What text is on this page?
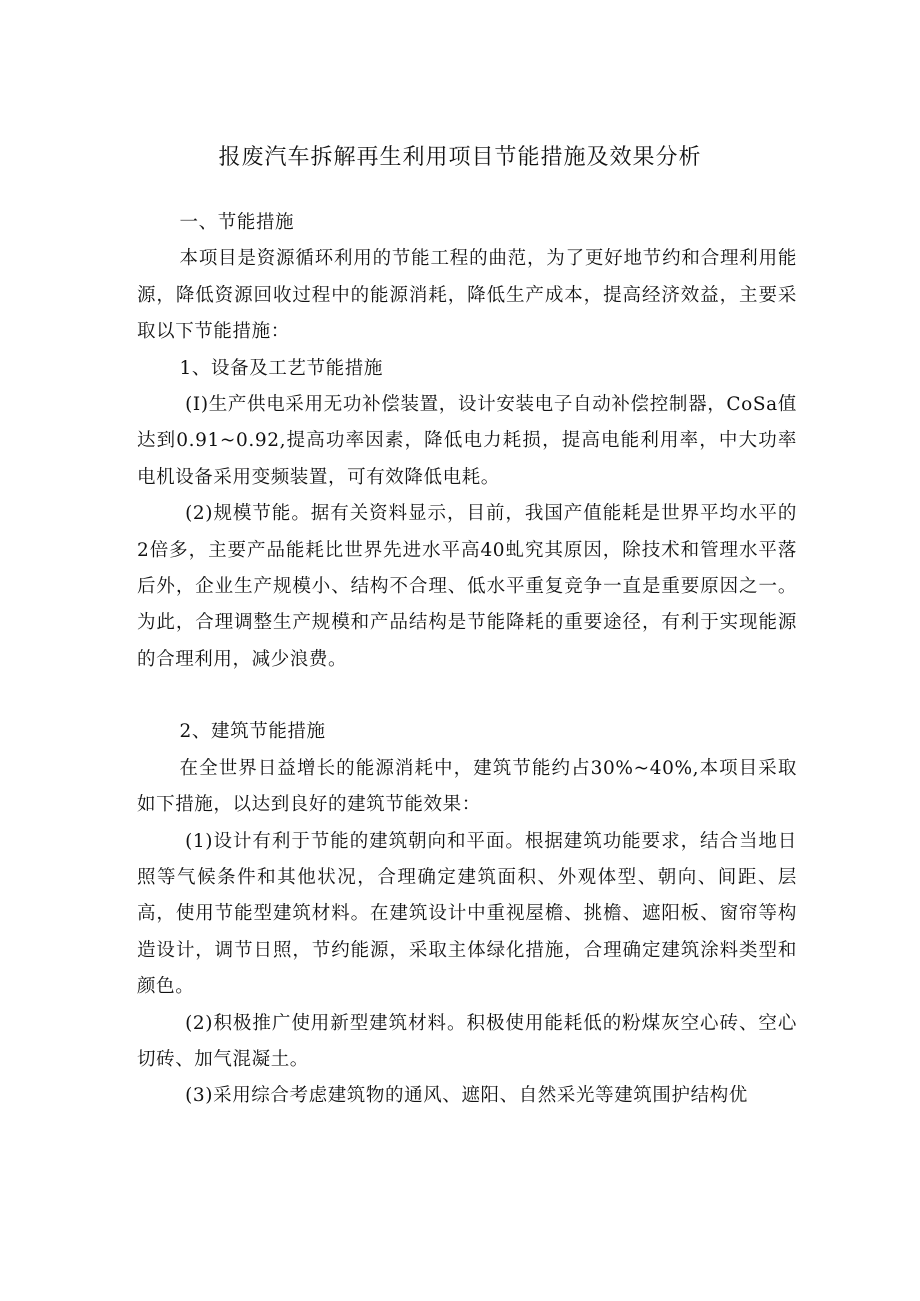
报废汽车拆解再生利用项目节能措施及效果分析

一、节能措施

本项目是资源循环利用的节能工程的曲范，为了更好地节约和合理利用能源，降低资源回收过程中的能源消耗，降低生产成本，提高经济效益，主要采取以下节能措施：

1、设备及工艺节能措施

(I)生产供电采用无功补偿装置，设计安装电子自动补偿控制器，CoSa值达到0.91~0.92,提高功率因素，降低电力耗损，提高电能利用率，中大功率电机设备采用变频装置，可有效降低电耗。

(2)规模节能。据有关资料显示，目前，我国产值能耗是世界平均水平的2倍多，主要产品能耗比世界先进水平高40虬究其原因，除技术和管理水平落后外，企业生产规模小、结构不合理、低水平重复竞争一直是重要原因之一。为此，合理调整生产规模和产品结构是节能降耗的重要途径，有利于实现能源的合理利用，减少浪费。

2、建筑节能措施

在全世界日益增长的能源消耗中，建筑节能约占30%~40%,本项目采取如下措施，以达到良好的建筑节能效果：

(1)设计有利于节能的建筑朝向和平面。根据建筑功能要求，结合当地日照等气候条件和其他状况，合理确定建筑面积、外观体型、朝向、间距、层高，使用节能型建筑材料。在建筑设计中重视屋檐、挑檐、遮阳板、窗帘等构造设计，调节日照，节约能源，采取主体绿化措施，合理确定建筑涂料类型和颜色。

(2)积极推广使用新型建筑材料。积极使用能耗低的粉煤灰空心砖、空心切砖、加气混凝土。

(3)采用综合考虑建筑物的通风、遮阳、自然采光等建筑围护结构优
